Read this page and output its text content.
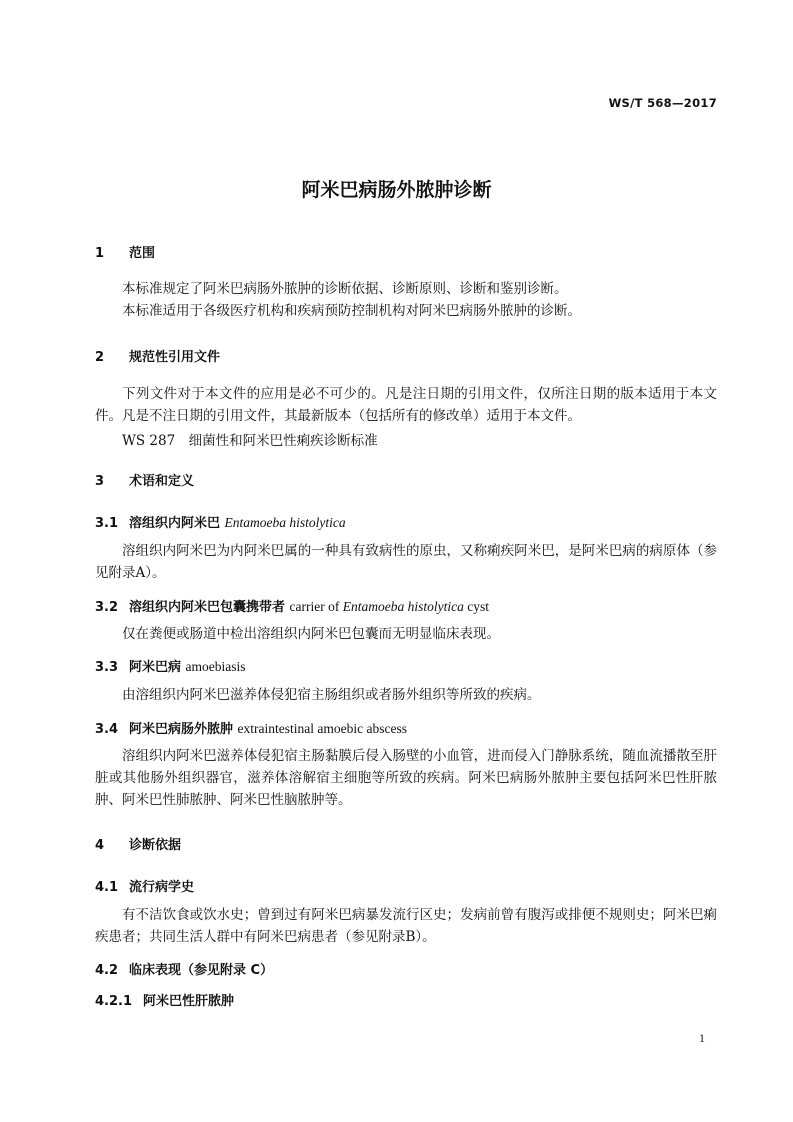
WS/T 568—2017
阿米巴病肠外脓肿诊断
1 范围
本标准规定了阿米巴病肠外脓肿的诊断依据、诊断原则、诊断和鉴别诊断。
本标准适用于各级医疗机构和疾病预防控制机构对阿米巴病肠外脓肿的诊断。
2 规范性引用文件
下列文件对于本文件的应用是必不可少的。凡是注日期的引用文件，仅所注日期的版本适用于本文件。凡是不注日期的引用文件，其最新版本（包括所有的修改单）适用于本文件。
WS 287　细菌性和阿米巴性痢疾诊断标准
3 术语和定义
3.1 溶组织内阿米巴 Entamoeba histolytica
溶组织内阿米巴为内阿米巴属的一种具有致病性的原虫，又称痢疾阿米巴，是阿米巴病的病原体（参见附录A）。
3.2 溶组织内阿米巴包囊携带者 carrier of Entamoeba histolytica cyst
仅在粪便或肠道中检出溶组织内阿米巴包囊而无明显临床表现。
3.3 阿米巴病 amoebiasis
由溶组织内阿米巴滋养体侵犯宿主肠组织或者肠外组织等所致的疾病。
3.4 阿米巴病肠外脓肿 extraintestinal amoebic abscess
溶组织内阿米巴滋养体侵犯宿主肠黏膜后侵入肠壁的小血管，进而侵入门静脉系统，随血流播散至肝脏或其他肠外组织器官，滋养体溶解宿主细胞等所致的疾病。阿米巴病肠外脓肿主要包括阿米巴性肝脓肿、阿米巴性肺脓肿、阿米巴性脑脓肿等。
4 诊断依据
4.1 流行病学史
有不洁饮食或饮水史；曾到过有阿米巴病暴发流行区史；发病前曾有腹泻或排便不规则史；阿米巴痢疾患者；共同生活人群中有阿米巴病患者（参见附录B）。
4.2 临床表现（参见附录 C）
4.2.1 阿米巴性肝脓肿
1
